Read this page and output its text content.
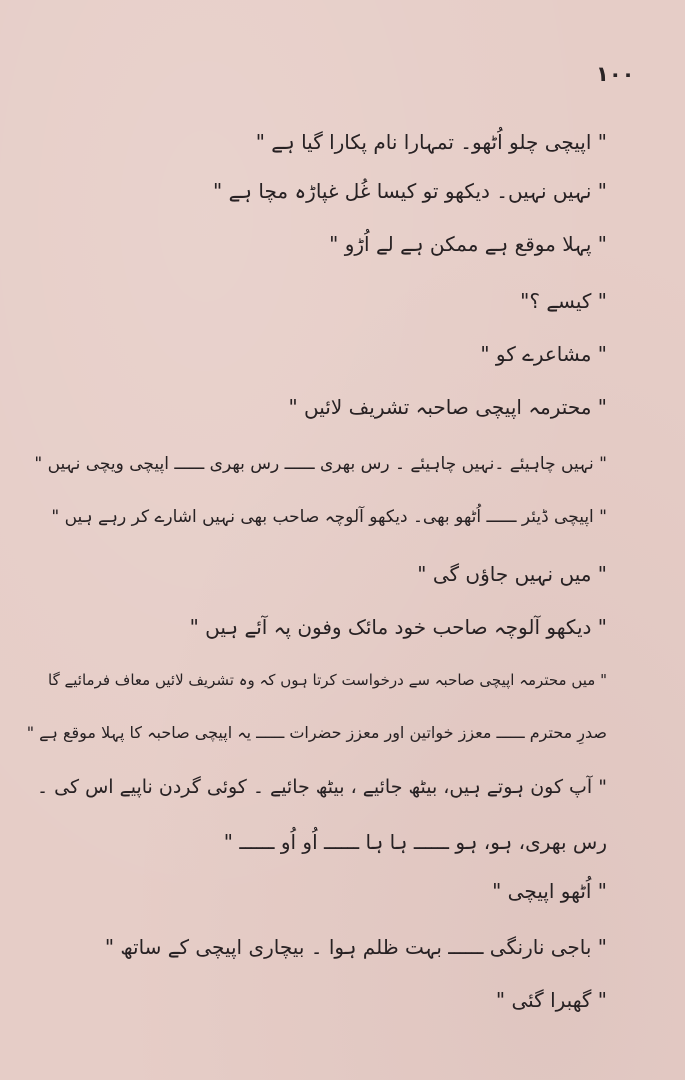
۱۰۰
" اپیچی چلو اُٹھو۔ تمہارا نام پکارا گیا ہے "
" نہیں نہیں۔ دیکھو تو کیسا غُل غپاڑہ مچا ہے "
" پہلا موقع ہے ممکن ہے لے اُڑو "
" کیسے ؟"
" مشاعرے کو "
" محترمہ اپیچی صاحبہ تشریف لائیں "
" نہیں چاہیئے ۔نہیں چاہیئے ۔ رس بھری ــــــ رس بھری ــــــ اپیچی ویچی نہیں "
" اپیچی ڈیئر ــــــ اُٹھو بھی۔ دیکھو آلوچہ صاحب بھی نہیں اشارے کر رہے ہیں "
" میں نہیں جاؤں گی "
" دیکھو آلوچہ صاحب خود مائک وفون پہ آئے ہیں "
" میں محترمہ اپیچی صاحبہ سے درخواست کرتا ہوں کہ وہ تشریف لائیں معاف فرمائیے گا
صدرِ محترم ــــــ معزز خواتین اور معزز حضرات ــــــ یہ اپیچی صاحبہ کا پہلا موقع ہے "
" آپ کون ہوتے ہیں، بیٹھ جائیے ، بیٹھ جائیے ۔ کوئی گردن ناپیے اس کی ۔
رس بھری، ہو، ہو ــــــ ہا ہا ــــــ اُو اُو ــــــ "
" اُٹھو اپیچی "
" باجی نارنگی ــــــ بہت ظلم ہوا ۔ بیچاری اپیچی کے ساتھ "
" گھبرا گئی "
